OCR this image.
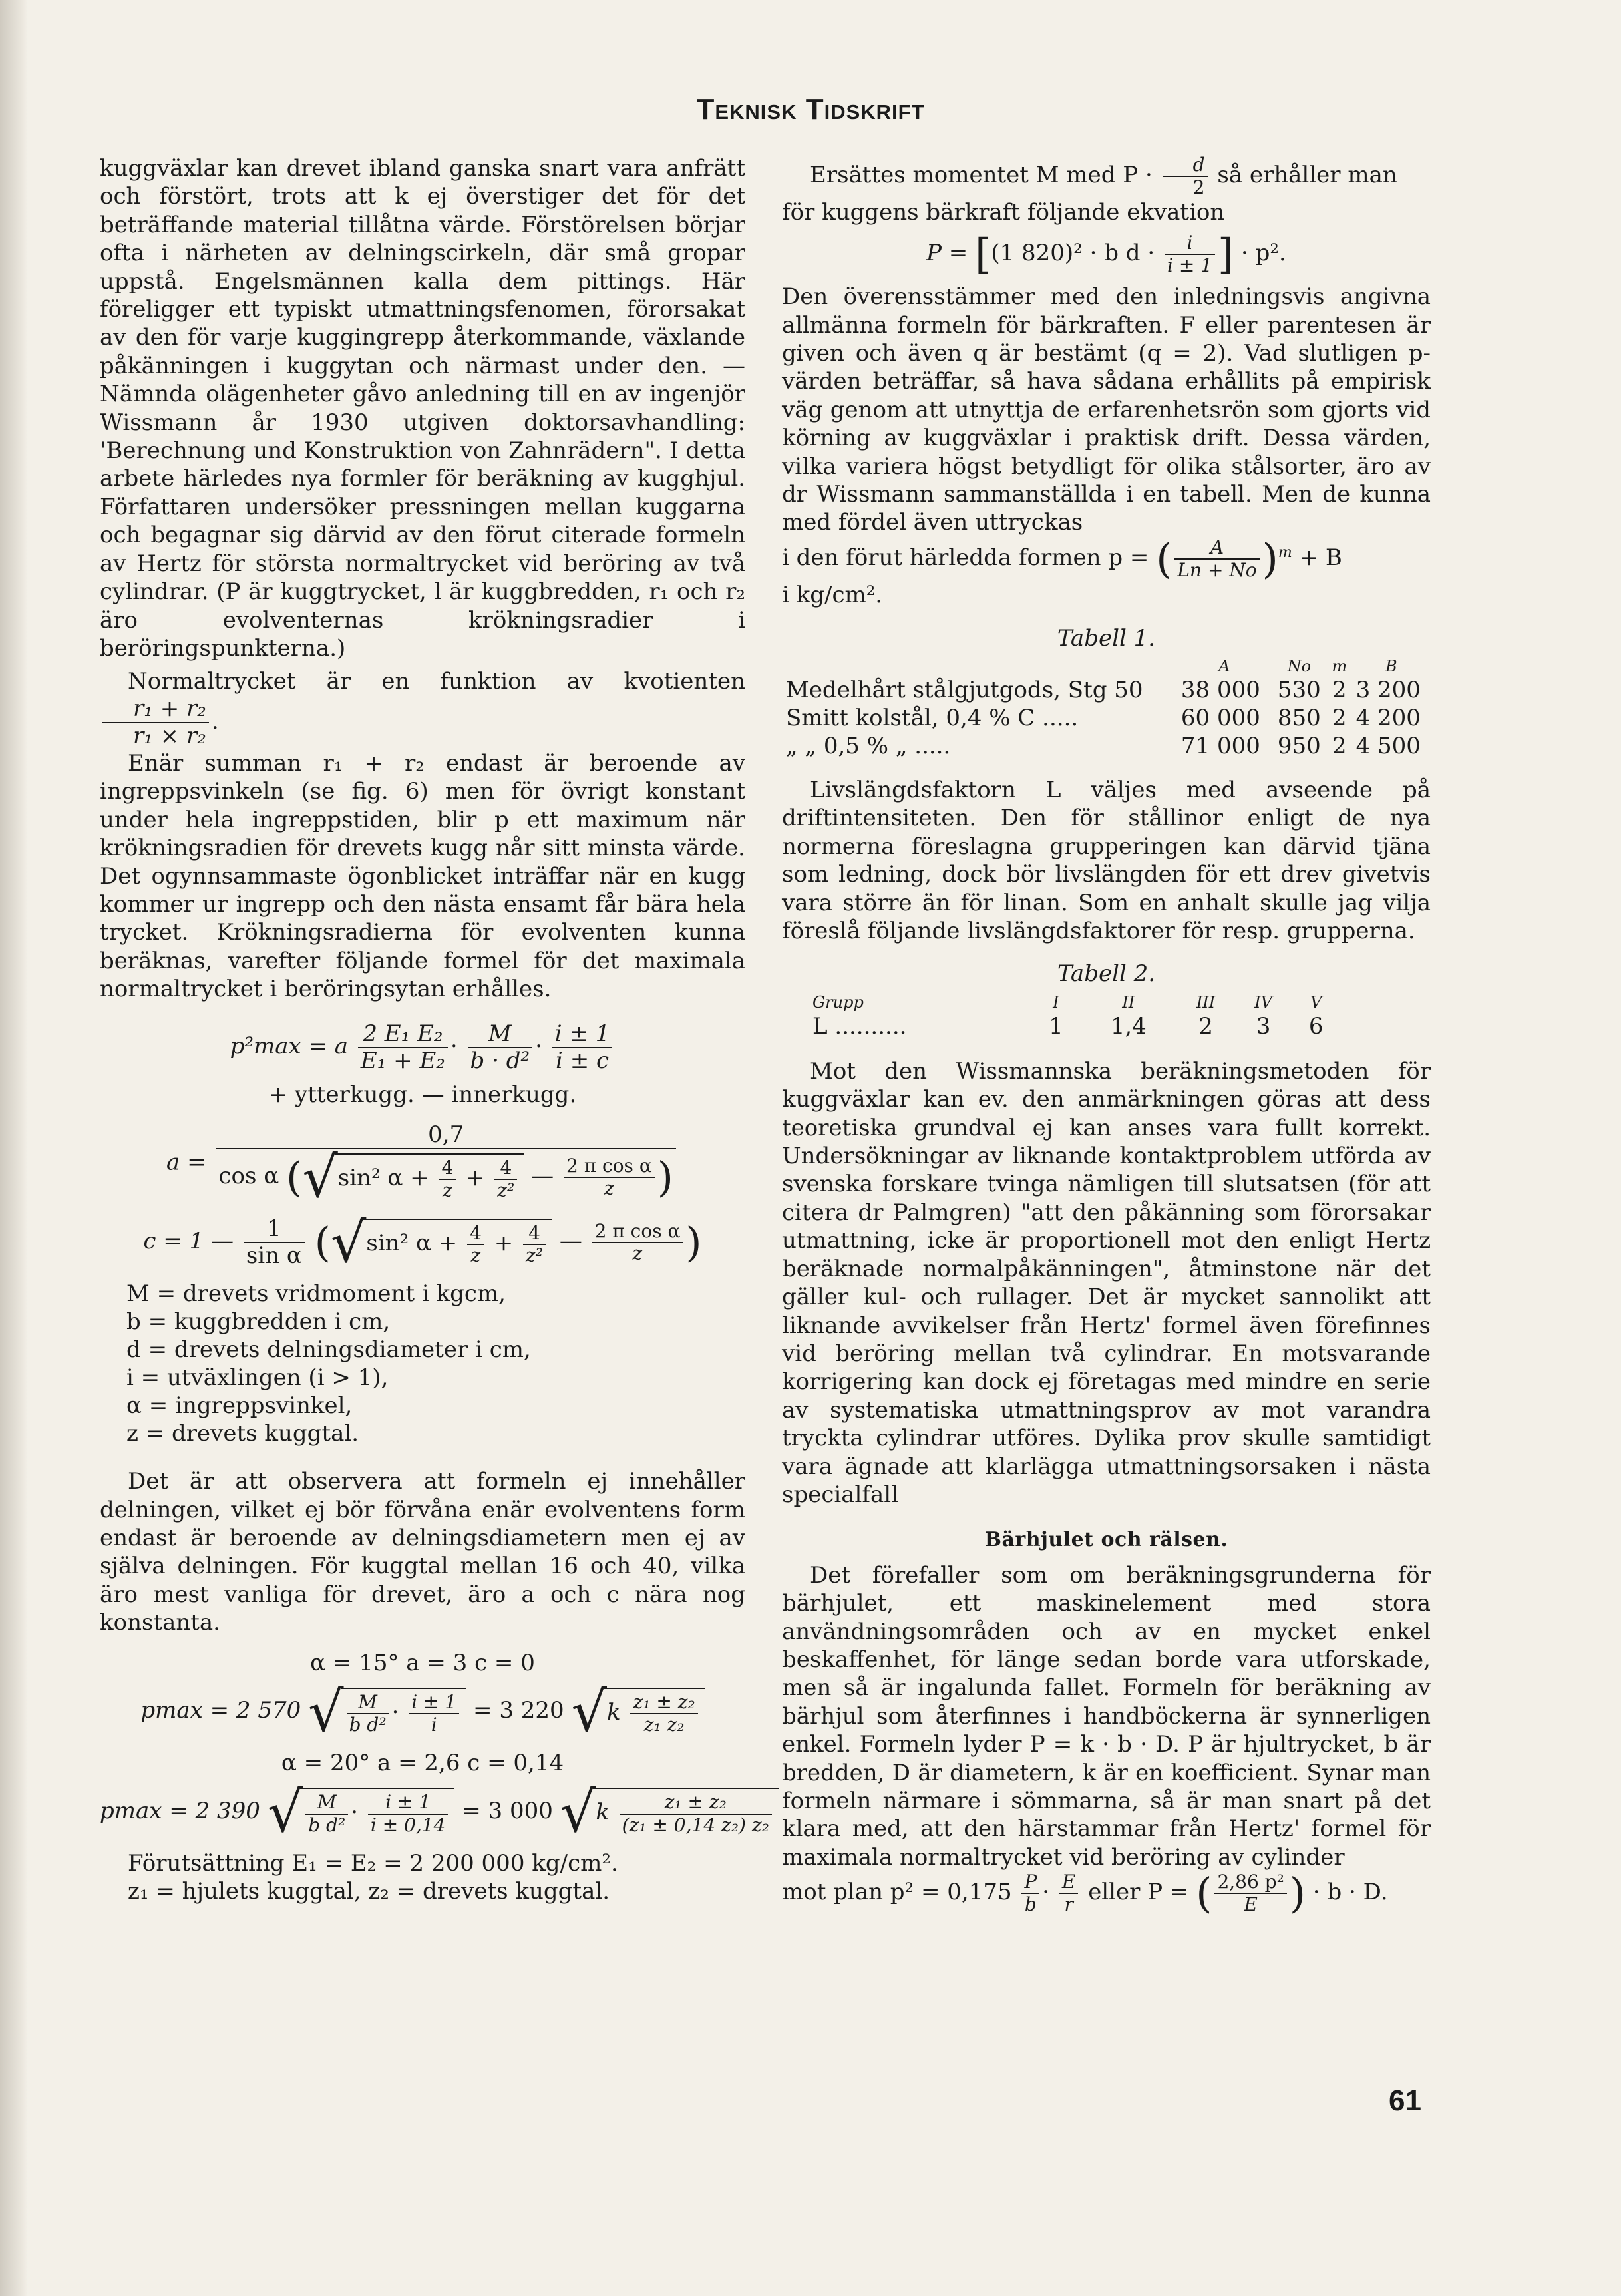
Teknisk Tidskrift

kuggväxlar kan drevet ibland ganska snart vara anfrätt och förstört, trots att k ej överstiger det för det beträffande material tillåtna värde. Förstörelsen börjar ofta i närheten av delningscirkeln, där små gropar uppstå. Engelsmännen kalla dem pittings. Här föreligger ett typiskt utmattningsfenomen, förorsakat av den för varje kuggingrepp återkommande, växlande påkänningen i kuggytan och närmast under den. — Nämnda olägenheter gåvo anledning till en av ingenjör Wissmann år 1930 utgiven doktorsavhandling: 'Berechnung und Konstruktion von Zahnrädern". I detta arbete härledes nya formler för beräkning av kugghjul. Författaren undersöker pressningen mellan kuggarna och begagnar sig därvid av den förut citerade formeln av Hertz för största normaltrycket vid beröring av två cylindrar. (P är kuggtrycket, l är kuggbredden, r₁ och r₂ äro evolventernas krökningsradier i beröringspunkterna.)

Normaltrycket är en funktion av kvotienten
$\frac{\text{r₁ + r₂}}{\text{r₁ × r₂}}$ .

Enär summan r₁ + r₂ endast är beroende av ingreppsvinkeln (se fig. 6) men för övrigt konstant under hela ingreppstiden, blir p ett maximum när krökningsradien för drevets kugg når sitt minsta värde. Det ogynnsammaste ögonblicket inträffar när en kugg kommer ur ingrepp och den nästa ensamt får bära hela trycket. Krökningsradierna för evolventen kunna beräknas, varefter följande formel för det maximala normaltrycket i beröringsytan erhålles.

p²max = a $\frac{\text{2 E₁ E₂}}{\text{E₁ + E₂}} \cdot \frac{M}{\text{b · d²}} \cdot \frac{i \pm 1}{i \pm c}$
+ ytterkugg. — innerkugg.
a =
0,7
cos α (√sin² $\alpha + \frac{4}{z} + \frac{4}{\text{z²}}$ — $\frac{\text{2 π cos α}}{z}$ )
c = 1 — $\frac{1}{\text{sin α}} (√\sin^2$ $\alpha + \frac{4}{z} + \frac{4}{\text{z²}}$ — $\frac{\text{2 π cos α}}{z}$ )
M = drevets vridmoment i kgcm,
b = kuggbredden i cm,
d = drevets delningsdiameter i cm,
i = utväxlingen (i > 1),
α = ingreppsvinkel,
z = drevets kuggtal.

Det är att observera att formeln ej innehåller delningen, vilket ej bör förvåna enär evolventens form endast är beroende av delningsdiametern men ej av själva delningen. För kuggtal mellan 16 och 40, vilka äro mest vanliga för drevet, äro a och c nära nog konstanta.

α = 15° a = 3 c = 0
pmax = 2 570 √ $\frac{M}{\text{b d²}} \cdot \frac{i \pm 1}{i} = 3$ 220 $√k \frac{\text{z₁ ± z₂}}{\text{z₁ z₂}}$
α = 20° a = 2,6 c = 0,14
pmax = 2 390 √ $\frac{M}{\text{b d²}} \cdot \frac{i \pm 1}{i \pm 0,14} = 3$ 000 $√k \frac{\text{z₁ ± z₂}}{\text{(z₁ ± 0,14 z₂) z₂}}$

Förutsättning E₁ = E₂ = 2 200 000 kg/cm².

z₁ = hjulets kuggtal, z₂ = drevets kuggtal.

Ersättes momentet M med $P \cdot \frac{d}{2}$ så erhåller man

för kuggens bärkraft följande ekvation

P = [(1 820)² · b $d \cdot \frac{i}{i \pm 1}$ ] · p².

Den överensstämmer med den inledningsvis angivna allmänna formeln för bärkraften. F eller parentesen är given och även q är bestämt (q = 2). Vad slutligen p-värden beträffar, så hava sådana erhållits på empirisk väg genom att utnyttja de erfarenhetsrön som gjorts vid körning av kuggväxlar i praktisk drift. Dessa värden, vilka variera högst betydligt för olika stålsorter, äro av dr Wissmann sammanställda i en tabell. Men de kunna med fördel även uttryckas

i den förut härledda formen p = ( $\frac{A}{Ln + No} )^m + B$

i kg/cm².

Tabell 1.
	A	No	m	B
Medelhårt stålgjutgods, Stg 50	38 000	530	2	3 200
Smitt kolstål, 0,4 % C .....	60 000	850	2	4 200
„ „ 0,5 % „ .....	71 000	950	2	4 500

Livslängdsfaktorn L väljes med avseende på driftintensiteten. Den för stållinor enligt de nya normerna föreslagna grupperingen kan därvid tjäna som ledning, dock bör livslängden för ett drev givetvis vara större än för linan. Som en anhalt skulle jag vilja föreslå följande livslängdsfaktorer för resp. grupperna.

Tabell 2.
Grupp	I	II	III	IV	V
L ..........	1	1,4	2	3	6

Mot den Wissmannska beräkningsmetoden för kuggväxlar kan ev. den anmärkningen göras att dess teoretiska grundval ej kan anses vara fullt korrekt. Undersökningar av liknande kontaktproblem utförda av svenska forskare tvinga nämligen till slutsatsen (för att citera dr Palmgren) "att den påkänning som förorsakar utmattning, icke är proportionell mot den enligt Hertz beräknade normalpåkänningen", åtminstone när det gäller kul- och rullager. Det är mycket sannolikt att liknande avvikelser från Hertz' formel även förefinnes vid beröring mellan två cylindrar. En motsvarande korrigering kan dock ej företagas med mindre en serie av systematiska utmattningsprov av mot varandra tryckta cylindrar utföres. Dylika prov skulle samtidigt vara ägnade att klarlägga utmattningsorsaken i nästa specialfall

Bärhjulet och rälsen.

Det förefaller som om beräkningsgrunderna för bärhjulet, ett maskinelement med stora användningsområden och av en mycket enkel beskaffenhet, för länge sedan borde vara utforskade, men så är ingalunda fallet. Formeln för beräkning av bärhjul som återfinnes i handböckerna är synnerligen enkel. Formeln lyder P = k · b · D. P är hjultrycket, b är bredden, D är diametern, k är en koefficient. Synar man formeln närmare i sömmarna, så är man snart på det klara med, att den härstammar från Hertz' formel för maximala normaltrycket vid beröring av cylinder

mot plan $p^2 = 0,175 \frac{P}{b} \cdot \frac{E}{r}$ eller P = ( $\frac{\text{2,86 p²}}{E}$ ) · b · D.

61
